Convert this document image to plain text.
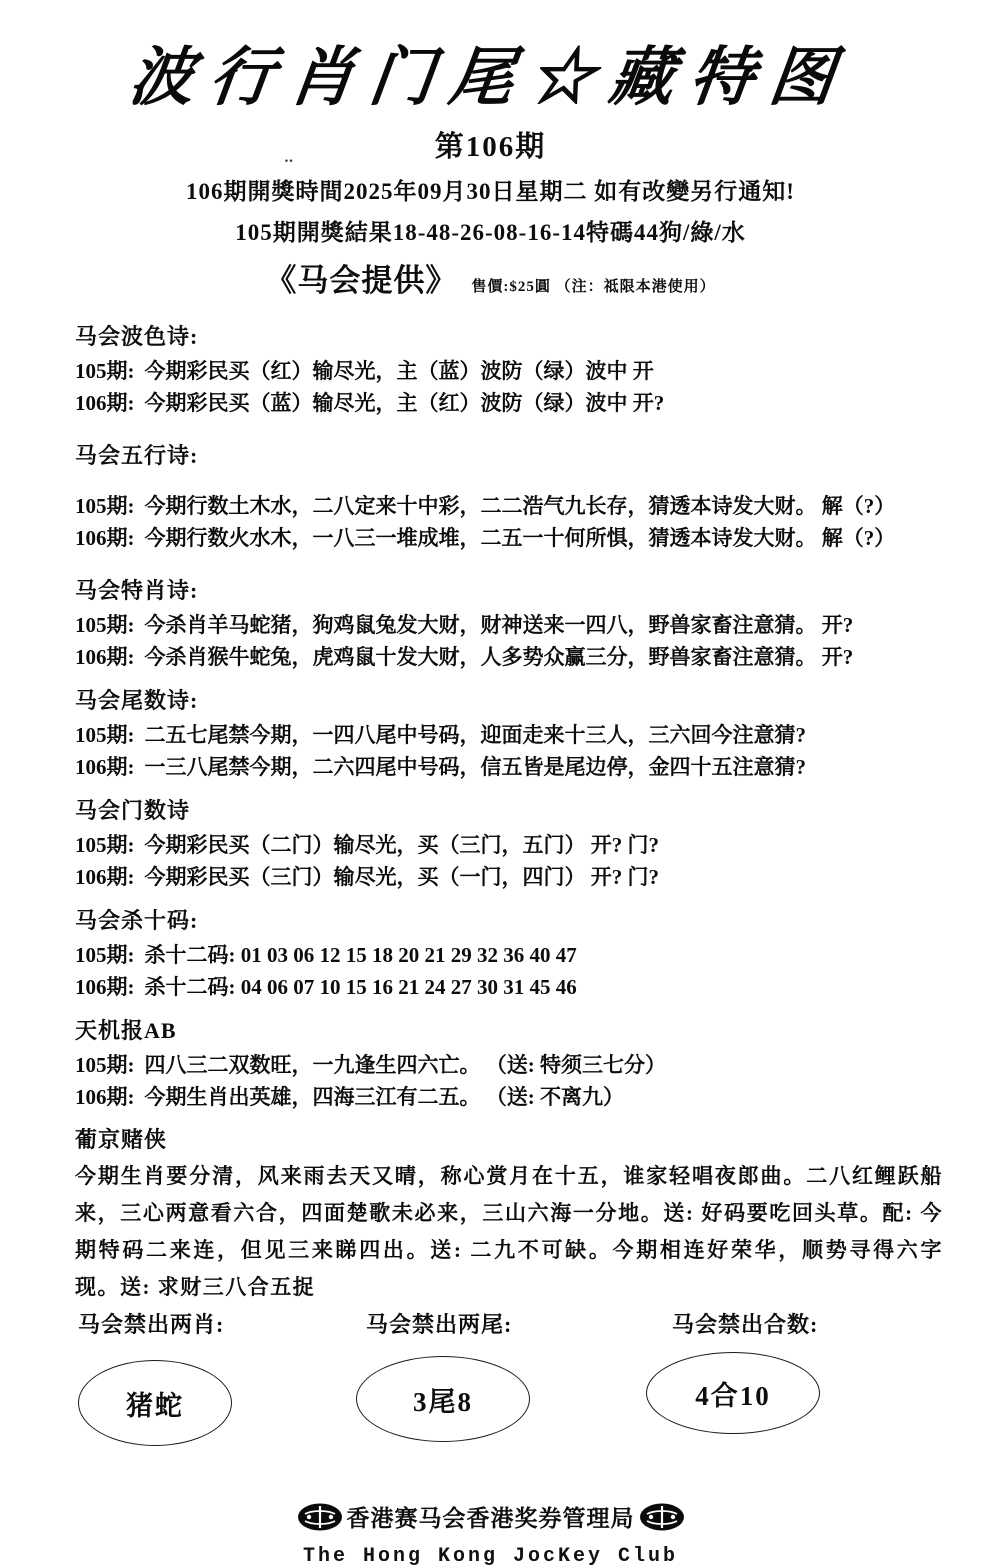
波行肖门尾☆藏特图
‥	第106期
106期開獎時間2025年09月30日星期二 如有改變另行通知!
105期開獎結果18-48-26-08-16-14特碼44狗/綠/水
《马会提供》 售價:$25圓 （注：祗限本港使用）
马会波色诗:
105期: 今期彩民买（红）输尽光，主（蓝）波防（绿）波中 开
106期: 今期彩民买（蓝）输尽光，主（红）波防（绿）波中 开?
马会五行诗:
105期: 今期行数土木水，二八定来十中彩，二二浩气九长存，猜透本诗发大财。 解（?）
106期: 今期行数火水木，一八三一堆成堆，二五一十何所惧，猜透本诗发大财。 解（?）
马会特肖诗:
105期: 今杀肖羊马蛇猪，狗鸡鼠兔发大财，财神送来一四八，野兽家畜注意猜。 开?
106期: 今杀肖猴牛蛇兔，虎鸡鼠十发大财，人多势众赢三分，野兽家畜注意猜。 开?
马会尾数诗:
105期: 二五七尾禁今期，一四八尾中号码，迎面走来十三人，三六回今注意猜?
106期: 一三八尾禁今期，二六四尾中号码，信五皆是尾边停，金四十五注意猜?
马会门数诗
105期: 今期彩民买（二门）输尽光，买（三门，五门） 开? 门?
106期: 今期彩民买（三门）输尽光，买（一门，四门） 开? 门?
马会杀十码:
105期: 杀十二码: 01 03 06 12 15 18 20 21 29 32 36 40 47
106期: 杀十二码: 04 06 07 10 15 16 21 24 27 30 31 45 46
天机报AB
105期: 四八三二双数旺，一九逢生四六亡。 （送: 特须三七分）
106期: 今期生肖出英雄，四海三江有二五。 （送: 不离九）
葡京赌侠
今期生肖要分清，风来雨去天又晴，称心赏月在十五，谁家轻唱夜郎曲。二八红鲤跃船来，三心两意看六合，四面楚歌未必来，三山六海一分地。送: 好码要吃回头草。配: 今期特码二来连，但见三来睇四出。送: 二九不可缺。今期相连好荣华，顺势寻得六字现。送: 求财三八合五捉
马会禁出两肖:	马会禁出两尾:	马会禁出合数:
猪蛇	3尾8	4合10
香港赛马会香港奖券管理局
The Hong Kong JocKey Club
